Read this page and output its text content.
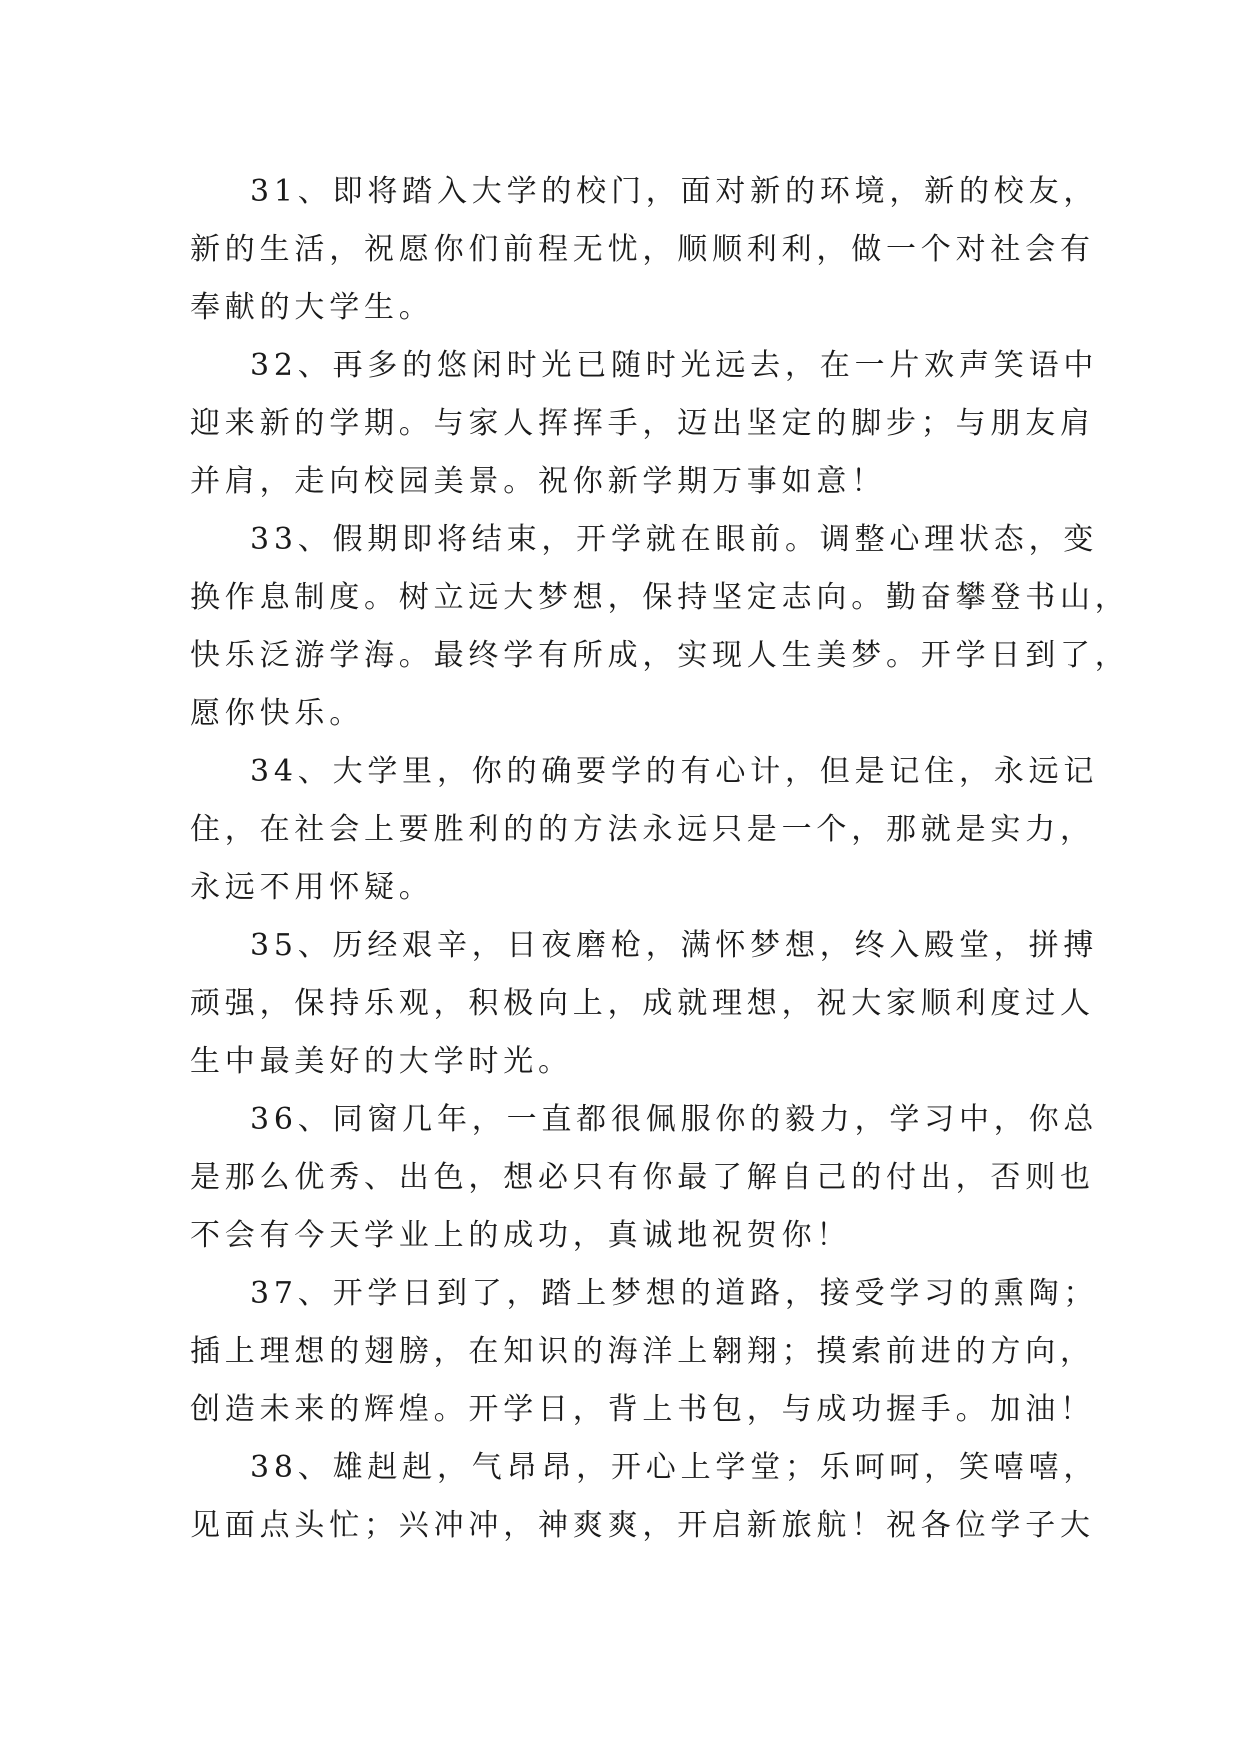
31、即将踏入大学的校门，面对新的环境，新的校友，
新的生活，祝愿你们前程无忧，顺顺利利，做一个对社会有
奉献的大学生。
32、再多的悠闲时光已随时光远去，在一片欢声笑语中
迎来新的学期。与家人挥挥手，迈出坚定的脚步；与朋友肩
并肩，走向校园美景。祝你新学期万事如意！
33、假期即将结束，开学就在眼前。调整心理状态，变
换作息制度。树立远大梦想，保持坚定志向。勤奋攀登书山，
快乐泛游学海。最终学有所成，实现人生美梦。开学日到了，
愿你快乐。
34、大学里，你的确要学的有心计，但是记住，永远记
住，在社会上要胜利的的方法永远只是一个，那就是实力，
永远不用怀疑。
35、历经艰辛，日夜磨枪，满怀梦想，终入殿堂，拼搏
顽强，保持乐观，积极向上，成就理想，祝大家顺利度过人
生中最美好的大学时光。
36、同窗几年，一直都很佩服你的毅力，学习中，你总
是那么优秀、出色，想必只有你最了解自己的付出，否则也
不会有今天学业上的成功，真诚地祝贺你！
37、开学日到了，踏上梦想的道路，接受学习的熏陶；
插上理想的翅膀，在知识的海洋上翱翔；摸索前进的方向，
创造未来的辉煌。开学日，背上书包，与成功握手。加油！
38、雄赳赳，气昂昂，开心上学堂；乐呵呵，笑嘻嘻，
见面点头忙；兴冲冲，神爽爽，开启新旅航！祝各位学子大
